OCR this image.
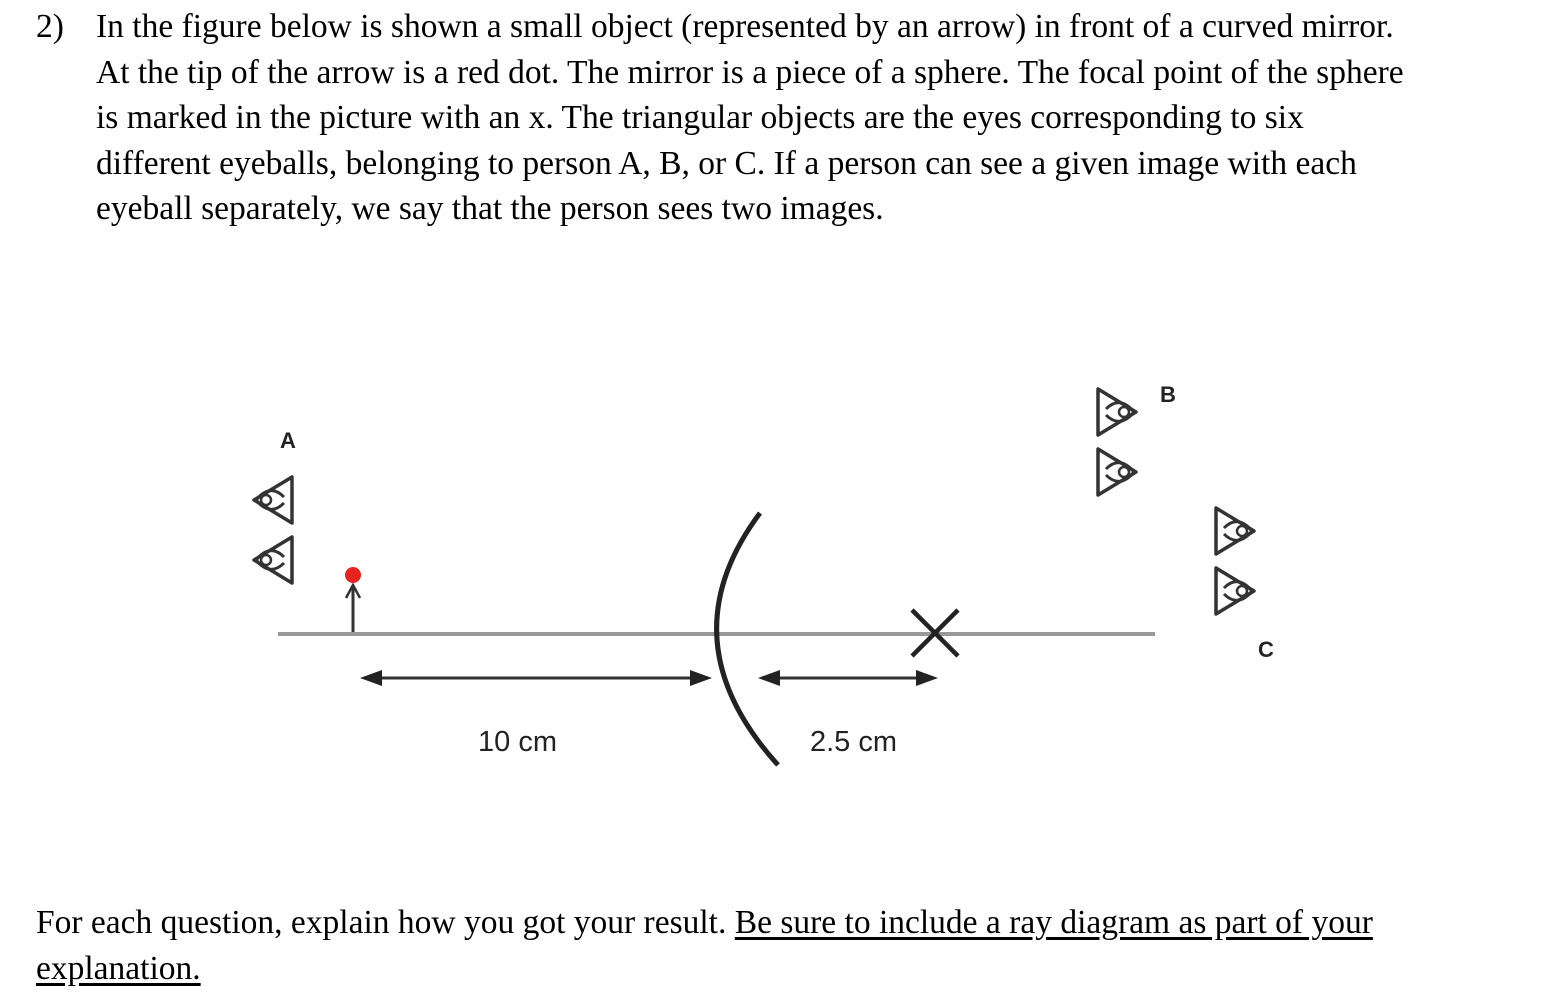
2) In the figure below is shown a small object (represented by an arrow) in front of a curved mirror.
At the tip of the arrow is a red dot. The mirror is a piece of a sphere. The focal point of the sphere
is marked in the picture with an x. The triangular objects are the eyes corresponding to six
different eyeballs, belonging to person A, B, or C. If a person can see a given image with each
eyeball separately, we say that the person sees two images.
A
B
C
10 cm	2.5 cm
For each question, explain how you got your result. Be sure to include a ray diagram as part of your
explanation.
